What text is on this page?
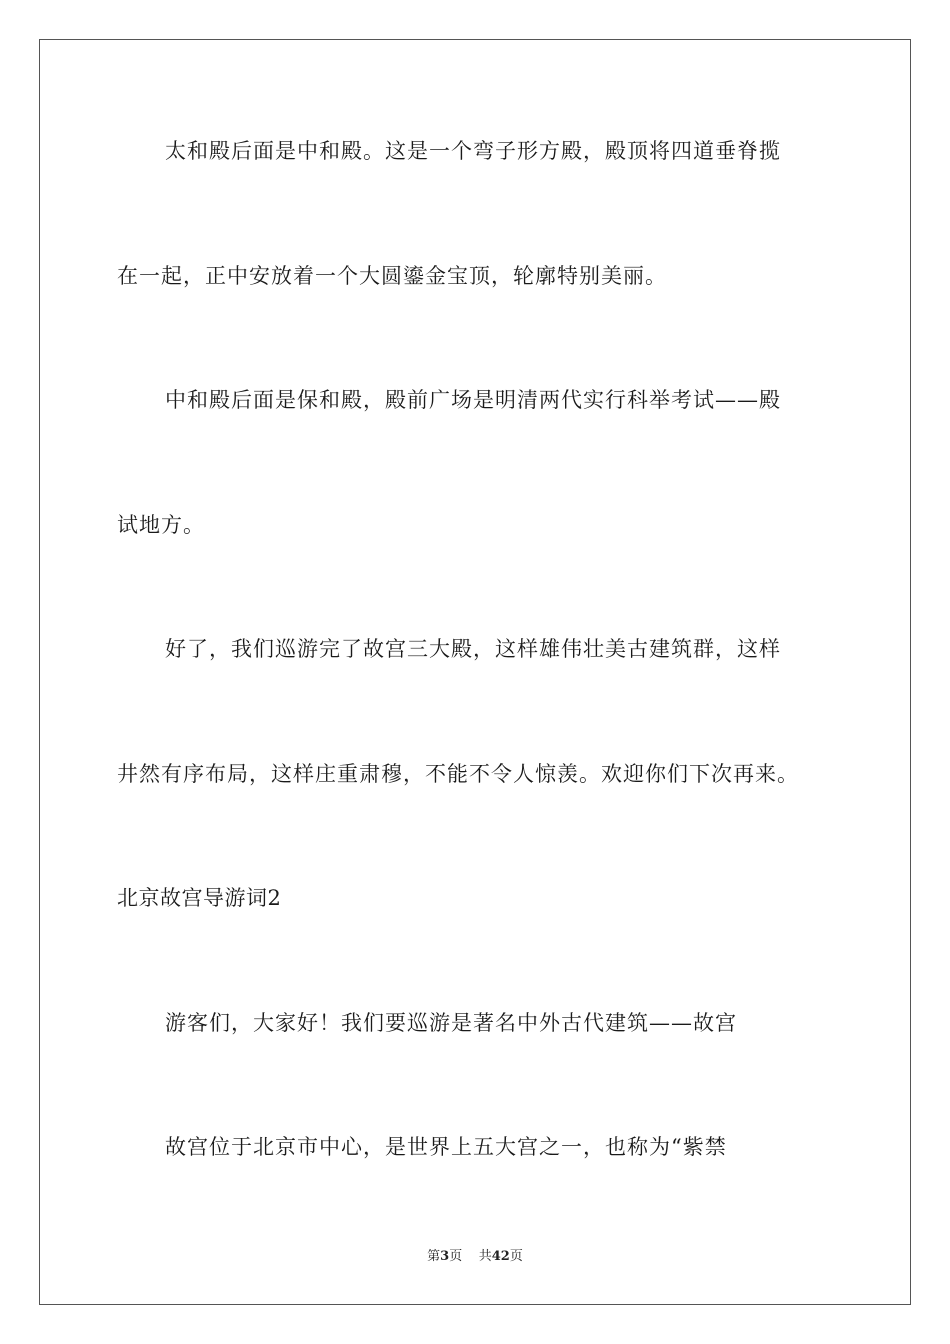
太和殿后面是中和殿。这是一个弯子形方殿，殿顶将四道垂脊揽
在一起，正中安放着一个大圆鎏金宝顶，轮廓特别美丽。
中和殿后面是保和殿，殿前广场是明清两代实行科举考试——殿
试地方。
好了，我们巡游完了故宫三大殿，这样雄伟壮美古建筑群，这样
井然有序布局，这样庄重肃穆，不能不令人惊羡。欢迎你们下次再来。
北京故宫导游词2
游客们，大家好！我们要巡游是著名中外古代建筑——故宫
故宫位于北京市中心，是世界上五大宫之一，也称为“紫禁
第3页 共42页
